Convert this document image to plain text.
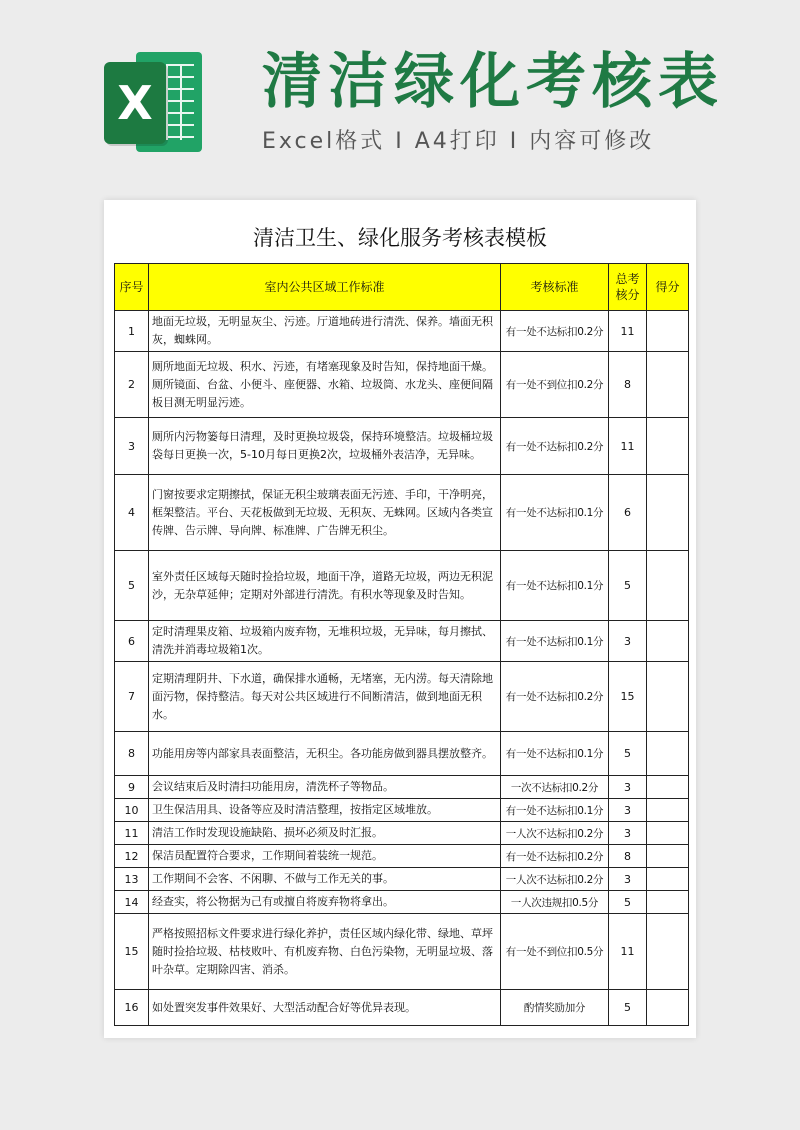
X 清洁绿化考核表
Excel格式 I A4打印 I 内容可修改
清洁卫生、绿化服务考核表模板
序号	室内公共区域工作标准	考核标准	总考核分	得分
1	地面无垃圾，无明显灰尘、污迹。厅道地砖进行清洗、保养。墙面无积灰，蜘蛛网。	有一处不达标扣0.2分	11	
2	厕所地面无垃圾、积水、污迹，有堵塞现象及时告知，保持地面干燥。厕所镜面、台盆、小便斗、座便器、水箱、垃圾筒、水龙头、座便间隔板目测无明显污迹。	有一处不到位扣0.2分	8	
3	厕所内污物篓每日清理，及时更换垃圾袋，保持环境整洁。垃圾桶垃圾袋每日更换一次，5-10月每日更换2次，垃圾桶外表洁净，无异味。	有一处不达标扣0.2分	11	
4	门窗按要求定期擦拭，保证无积尘玻璃表面无污迹、手印，干净明亮，框架整洁。平台、天花板做到无垃圾、无积灰、无蛛网。区域内各类宣传牌、告示牌、导向牌、标准牌、广告牌无积尘。	有一处不达标扣0.1分	6	
5	室外责任区域每天随时捡拾垃圾，地面干净，道路无垃圾，两边无积泥沙，无杂草延伸；定期对外部进行清洗。有积水等现象及时告知。	有一处不达标扣0.1分	5	
6	定时清理果皮箱、垃圾箱内废弃物，无堆积垃圾，无异味，每月擦拭、清洗并消毒垃圾箱1次。	有一处不达标扣0.1分	3	
7	定期清理阴井、下水道，确保排水通畅，无堵塞，无内涝。每天清除地面污物，保持整洁。每天对公共区域进行不间断清洁，做到地面无积水。	有一处不达标扣0.2分	15	
8	功能用房等内部家具表面整洁，无积尘。各功能房做到器具摆放整齐。	有一处不达标扣0.1分	5	
9	会议结束后及时清扫功能用房，清洗杯子等物品。	一次不达标扣0.2分	3	
10	卫生保洁用具、设备等应及时清洁整理，按指定区域堆放。	有一处不达标扣0.1分	3	
11	清洁工作时发现设施缺陷、损坏必须及时汇报。	一人次不达标扣0.2分	3	
12	保洁员配置符合要求，工作期间着装统一规范。	有一处不达标扣0.2分	8	
13	工作期间不会客、不闲聊、不做与工作无关的事。	一人次不达标扣0.2分	3	
14	经查实，将公物据为己有或擅自将废弃物将拿出。	一人次违规扣0.5分	5	
15	严格按照招标文件要求进行绿化养护，责任区域内绿化带、绿地、草坪随时捡拾垃圾、枯枝败叶、有机废弃物、白色污染物，无明显垃圾、落叶杂草。定期除四害、消杀。	有一处不到位扣0.5分	11	
16	如处置突发事件效果好、大型活动配合好等优异表现。	酌情奖励加分	5	
